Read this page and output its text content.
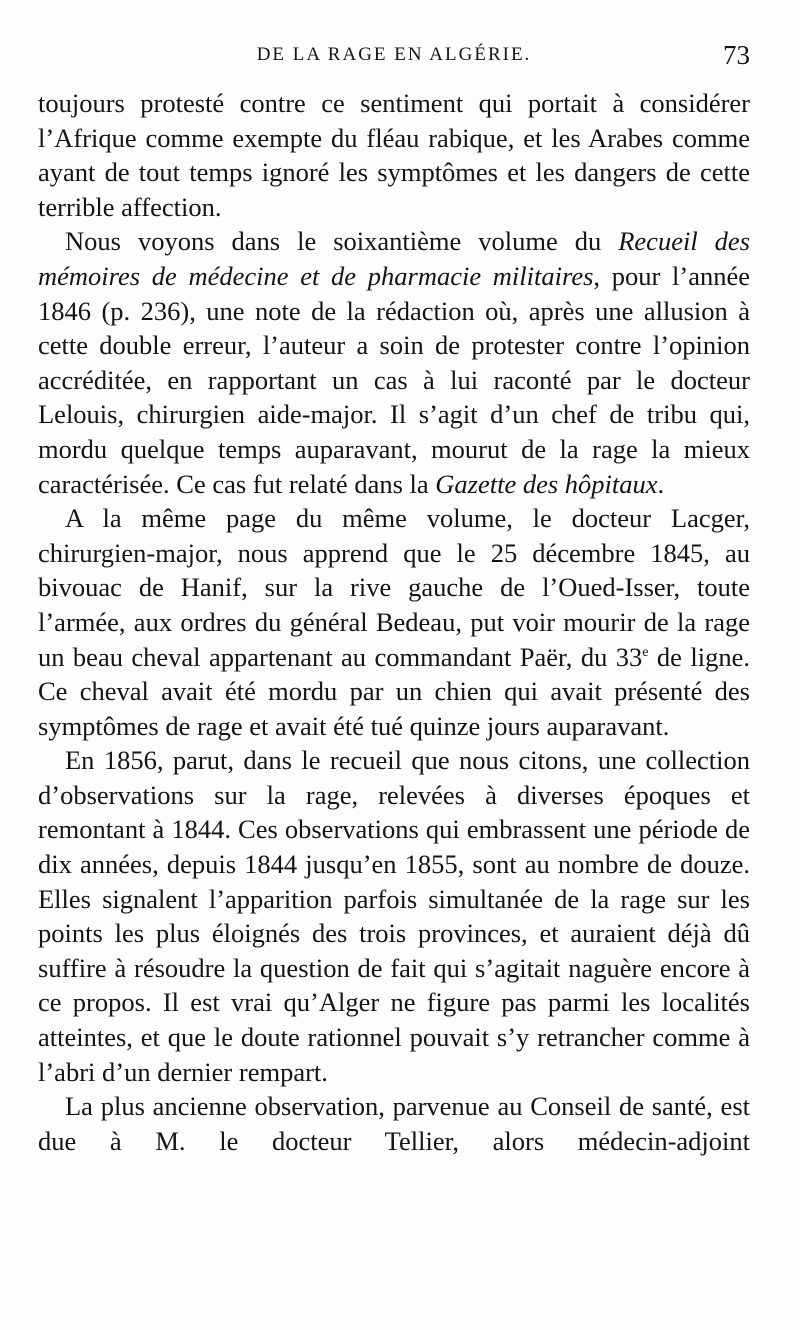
DE LA RAGE EN ALGÉRIE.	73

toujours protesté contre ce sentiment qui portait à considérer l’Afrique comme exempte du fléau rabique, et les Arabes comme ayant de tout temps ignoré les symptômes et les dangers de cette terrible affection.

Nous voyons dans le soixantième volume du Recueil des mémoires de médecine et de pharmacie militaires, pour l’année 1846 (p. 236), une note de la rédaction où, après une allusion à cette double erreur, l’auteur a soin de protester contre l’opinion accréditée, en rapportant un cas à lui raconté par le docteur Lelouis, chirurgien aide-major. Il s’agit d’un chef de tribu qui, mordu quelque temps auparavant, mourut de la rage la mieux caractérisée. Ce cas fut relaté dans la Gazette des hôpitaux.

A la même page du même volume, le docteur Lacger, chirurgien-major, nous apprend que le 25 décembre 1845, au bivouac de Hanif, sur la rive gauche de l’Oued-Isser, toute l’armée, aux ordres du général Bedeau, put voir mourir de la rage un beau cheval appartenant au commandant Paër, du 33e de ligne. Ce cheval avait été mordu par un chien qui avait présenté des symptômes de rage et avait été tué quinze jours auparavant.

En 1856, parut, dans le recueil que nous citons, une collection d’observations sur la rage, relevées à diverses époques et remontant à 1844. Ces observations qui embrassent une période de dix années, depuis 1844 jusqu’en 1855, sont au nombre de douze. Elles signalent l’apparition parfois simultanée de la rage sur les points les plus éloignés des trois provinces, et auraient déjà dû suffire à résoudre la question de fait qui s’agitait naguère encore à ce propos. Il est vrai qu’Alger ne figure pas parmi les localités atteintes, et que le doute rationnel pouvait s’y retrancher comme à l’abri d’un dernier rempart.

La plus ancienne observation, parvenue au Conseil de santé, est due à M. le docteur Tellier, alors médecin-adjoint
